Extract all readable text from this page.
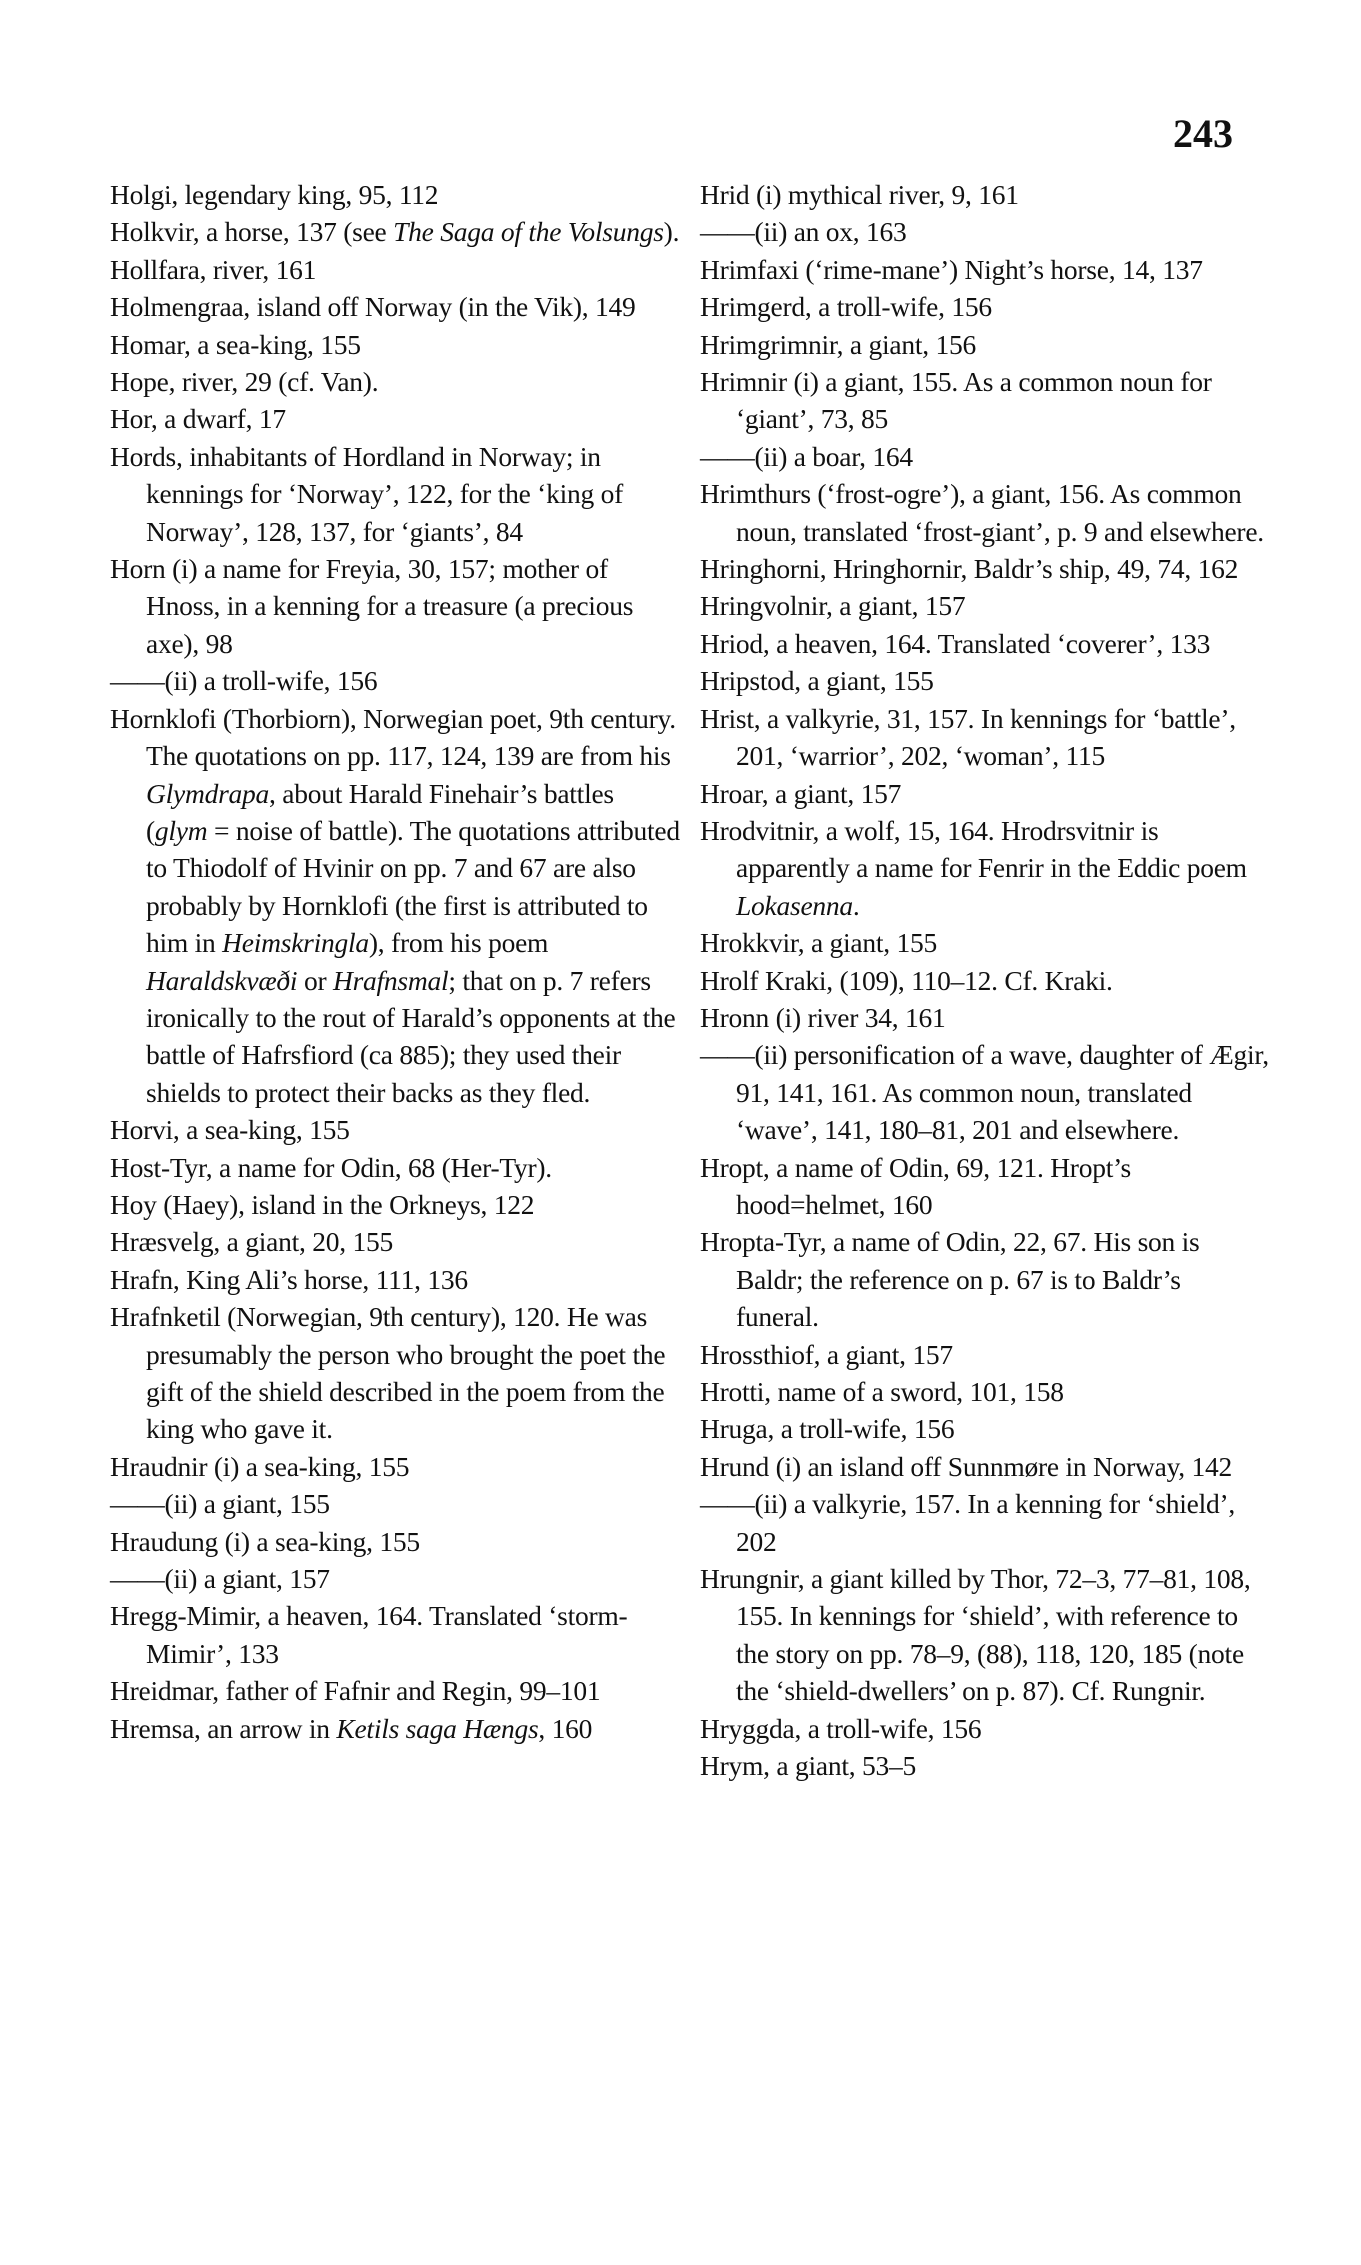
243

Holgi, legendary king, 95, 112

Holkvir, a horse, 137 (see The Saga of the Volsungs).

Hollfara, river, 161

Holmengraa, island off Norway (in the Vik), 149

Homar, a sea-king, 155

Hope, river, 29 (cf. Van).

Hor, a dwarf, 17

Hords, inhabitants of Hordland in Norway; in kennings for ‘Norway’, 122, for the ‘king of Norway’, 128, 137, for ‘giants’, 84

Horn (i) a name for Freyia, 30, 157; mother of Hnoss, in a kenning for a treasure (a precious axe), 98

——(ii) a troll-wife, 156

Hornklofi (Thorbiorn), Norwegian poet, 9th century. The quotations on pp. 117, 124, 139 are from his Glymdrapa, about Harald Finehair’s battles (glym = noise of battle). The quotations attributed to Thiodolf of Hvinir on pp. 7 and 67 are also probably by Hornklofi (the first is attributed to him in Heimskringla), from his poem Haraldskvæði or Hrafnsmal; that on p. 7 refers ironically to the rout of Harald’s opponents at the battle of Hafrsfiord (ca 885); they used their shields to protect their backs as they fled.

Horvi, a sea-king, 155

Host-Tyr, a name for Odin, 68 (Her-Tyr).

Hoy (Haey), island in the Orkneys, 122

Hræsvelg, a giant, 20, 155

Hrafn, King Ali’s horse, 111, 136

Hrafnketil (Norwegian, 9th century), 120. He was presumably the person who brought the poet the gift of the shield described in the poem from the king who gave it.

Hraudnir (i) a sea-king, 155

——(ii) a giant, 155

Hraudung (i) a sea-king, 155

——(ii) a giant, 157

Hregg-Mimir, a heaven, 164. Translated ‘storm-Mimir’, 133

Hreidmar, father of Fafnir and Regin, 99–101

Hremsa, an arrow in Ketils saga Hængs, 160

Hrid (i) mythical river, 9, 161

——(ii) an ox, 163

Hrimfaxi (‘rime-mane’) Night’s horse, 14, 137

Hrimgerd, a troll-wife, 156

Hrimgrimnir, a giant, 156

Hrimnir (i) a giant, 155. As a common noun for ‘giant’, 73, 85

——(ii) a boar, 164

Hrimthurs (‘frost-ogre’), a giant, 156. As common noun, translated ‘frost-giant’, p. 9 and elsewhere.

Hringhorni, Hringhornir, Baldr’s ship, 49, 74, 162

Hringvolnir, a giant, 157

Hriod, a heaven, 164. Translated ‘coverer’, 133

Hripstod, a giant, 155

Hrist, a valkyrie, 31, 157. In kennings for ‘battle’, 201, ‘warrior’, 202, ‘woman’, 115

Hroar, a giant, 157

Hrodvitnir, a wolf, 15, 164. Hrodrsvitnir is apparently a name for Fenrir in the Eddic poem Lokasenna.

Hrokkvir, a giant, 155

Hrolf Kraki, (109), 110–12. Cf. Kraki.

Hronn (i) river 34, 161

——(ii) personification of a wave, daughter of Ægir, 91, 141, 161. As common noun, translated ‘wave’, 141, 180–81, 201 and elsewhere.

Hropt, a name of Odin, 69, 121. Hropt’s hood=helmet, 160

Hropta-Tyr, a name of Odin, 22, 67. His son is Baldr; the reference on p. 67 is to Baldr’s funeral.

Hrossthiof, a giant, 157

Hrotti, name of a sword, 101, 158

Hruga, a troll-wife, 156

Hrund (i) an island off Sunnmøre in Norway, 142

——(ii) a valkyrie, 157. In a kenning for ‘shield’, 202

Hrungnir, a giant killed by Thor, 72–3, 77–81, 108, 155. In kennings for ‘shield’, with reference to the story on pp. 78–9, (88), 118, 120, 185 (note the ‘shield-dwellers’ on p. 87). Cf. Rungnir.

Hryggda, a troll-wife, 156

Hrym, a giant, 53–5
